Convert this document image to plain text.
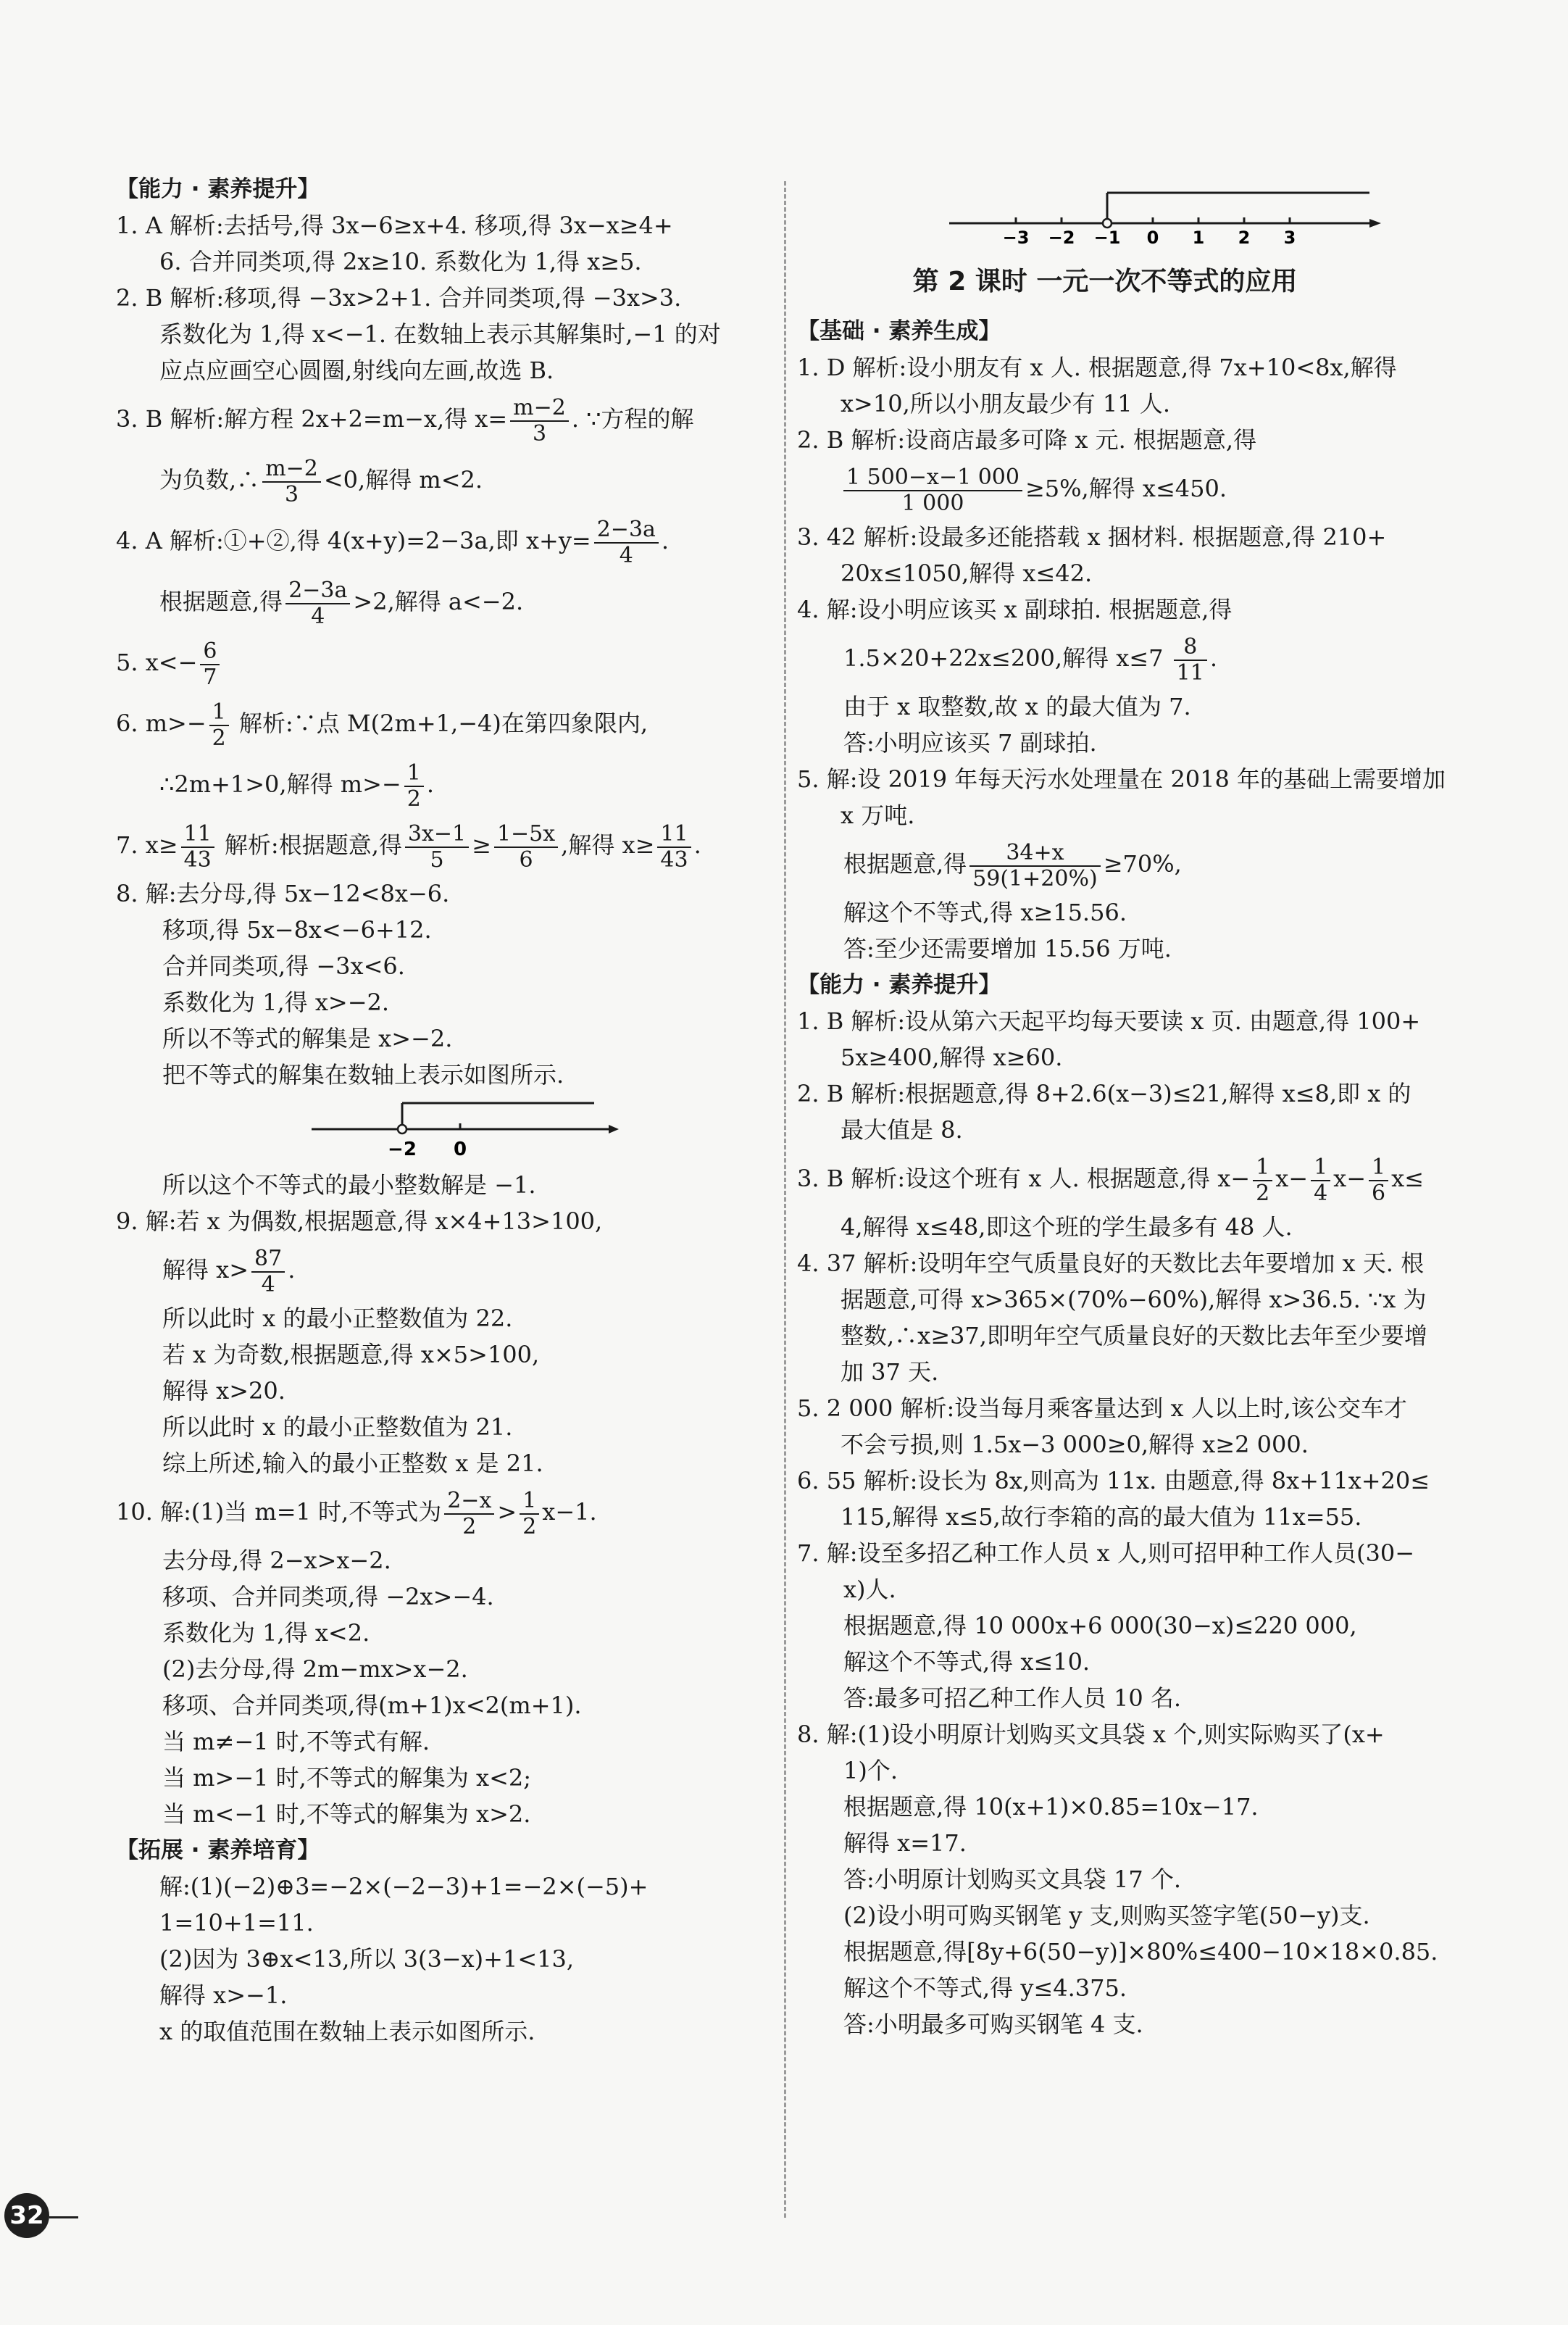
【能力 · 素养提升】
1. A 解析:去括号,得 3x−6≥x+4. 移项,得 3x−x≥4+
6. 合并同类项,得 2x≥10. 系数化为 1,得 x≥5.
2. B 解析:移项,得 −3x>2+1. 合并同类项,得 −3x>3.
系数化为 1,得 x<−1. 在数轴上表示其解集时,−1 的对
应点应画空心圆圈,射线向左画,故选 B.
3. B 解析:解方程 2x+2=m−x,得 $x= \frac{m-2}{3}$ . ∵方程的解
为负数,∴ $\frac{m-2}{3} <0$,解得 m<2.
4. A 解析:①+②,得 4(x+y)=2−3a,即 $x+y= \frac{2-3a}{4}$ .
根据题意,得 $\frac{2-3a}{4} >2$,解得 a<−2.
5. $x<- \frac{6}{7}$
6. $m>- \frac{1}{2}$ 解析:∵点 M(2m+1,−4)在第四象限内,
∴2m+1>0,解得 $m>- \frac{1}{2}$ .
7. $x\ge \frac{11}{43}$ 解析:根据题意,得 $\frac{3x-1}{5} \ge \frac{1-5x}{6}$ ,解得 $x\ge \frac{11}{43}$ .
8. 解:去分母,得 5x−12<8x−6.
移项,得 5x−8x<−6+12.
合并同类项,得 −3x<6.
系数化为 1,得 x>−2.
所以不等式的解集是 x>−2.
把不等式的解集在数轴上表示如图所示.
−2 0
所以这个不等式的最小整数解是 −1.
9. 解:若 x 为偶数,根据题意,得 x×4+13>100,
解得 $x> \frac{87}{4}$ .
所以此时 x 的最小正整数值为 22.
若 x 为奇数,根据题意,得 x×5>100,
解得 x>20.
所以此时 x 的最小正整数值为 21.
综上所述,输入的最小正整数 x 是 21.
10. 解:(1)当 m=1 时,不等式为 $\frac{2-x}{2} > \frac{1}{2} x-1$.
去分母,得 2−x>x−2.
移项、合并同类项,得 −2x>−4.
系数化为 1,得 x<2.
(2)去分母,得 2m−mx>x−2.
移项、合并同类项,得(m+1)x<2(m+1).
当 m≠−1 时,不等式有解.
当 m>−1 时,不等式的解集为 x<2;
当 m<−1 时,不等式的解集为 x>2.
【拓展 · 素养培育】
解:(1)(−2)⊕3=−2×(−2−3)+1=−2×(−5)+
1=10+1=11.
(2)因为 3⊕x<13,所以 3(3−x)+1<13,
解得 x>−1.
x 的取值范围在数轴上表示如图所示.
−3 −2 −1 0 1 2 3
第 2 课时 一元一次不等式的应用
【基础 · 素养生成】
1. D 解析:设小朋友有 x 人. 根据题意,得 7x+10<8x,解得
x>10,所以小朋友最少有 11 人.
2. B 解析:设商店最多可降 x 元. 根据题意,得
$\frac{1 500-x-1 000}{1 000} \ge 5\%$,解得 x≤450.
3. 42 解析:设最多还能搭载 x 捆材料. 根据题意,得 210+
20x≤1050,解得 x≤42.
4. 解:设小明应该买 x 副球拍. 根据题意,得
1.5×20+22x≤200,解得 $x\le 7 \frac{8}{11}$ .
由于 x 取整数,故 x 的最大值为 7.
答:小明应该买 7 副球拍.
5. 解:设 2019 年每天污水处理量在 2018 年的基础上需要增加
x 万吨.
根据题意,得 $\frac{34+x}{59(1+20\%)} \ge 70\%$,
解这个不等式,得 x≥15.56.
答:至少还需要增加 15.56 万吨.
【能力 · 素养提升】
1. B 解析:设从第六天起平均每天要读 x 页. 由题意,得 100+
5x≥400,解得 x≥60.
2. B 解析:根据题意,得 8+2.6(x−3)≤21,解得 x≤8,即 x 的
最大值是 8.
3. B 解析:设这个班有 x 人. 根据题意,得 $x- \frac{1}{2} x- \frac{1}{4} x- \frac{1}{6} x\le$
4,解得 x≤48,即这个班的学生最多有 48 人.
4. 37 解析:设明年空气质量良好的天数比去年要增加 x 天. 根
据题意,可得 x>365×(70%−60%),解得 x>36.5. ∵x 为
整数,∴x≥37,即明年空气质量良好的天数比去年至少要增
加 37 天.
5. 2 000 解析:设当每月乘客量达到 x 人以上时,该公交车才
不会亏损,则 1.5x−3 000≥0,解得 x≥2 000.
6. 55 解析:设长为 8x,则高为 11x. 由题意,得 8x+11x+20≤
115,解得 x≤5,故行李箱的高的最大值为 11x=55.
7. 解:设至多招乙种工作人员 x 人,则可招甲种工作人员(30−
x)人.
根据题意,得 10 000x+6 000(30−x)≤220 000,
解这个不等式,得 x≤10.
答:最多可招乙种工作人员 10 名.
8. 解:(1)设小明原计划购买文具袋 x 个,则实际购买了(x+
1)个.
根据题意,得 10(x+1)×0.85=10x−17.
解得 x=17.
答:小明原计划购买文具袋 17 个.
(2)设小明可购买钢笔 y 支,则购买签字笔(50−y)支.
根据题意,得[8y+6(50−y)]×80%≤400−10×18×0.85.
解这个不等式,得 y≤4.375.
答:小明最多可购买钢笔 4 支.
32
